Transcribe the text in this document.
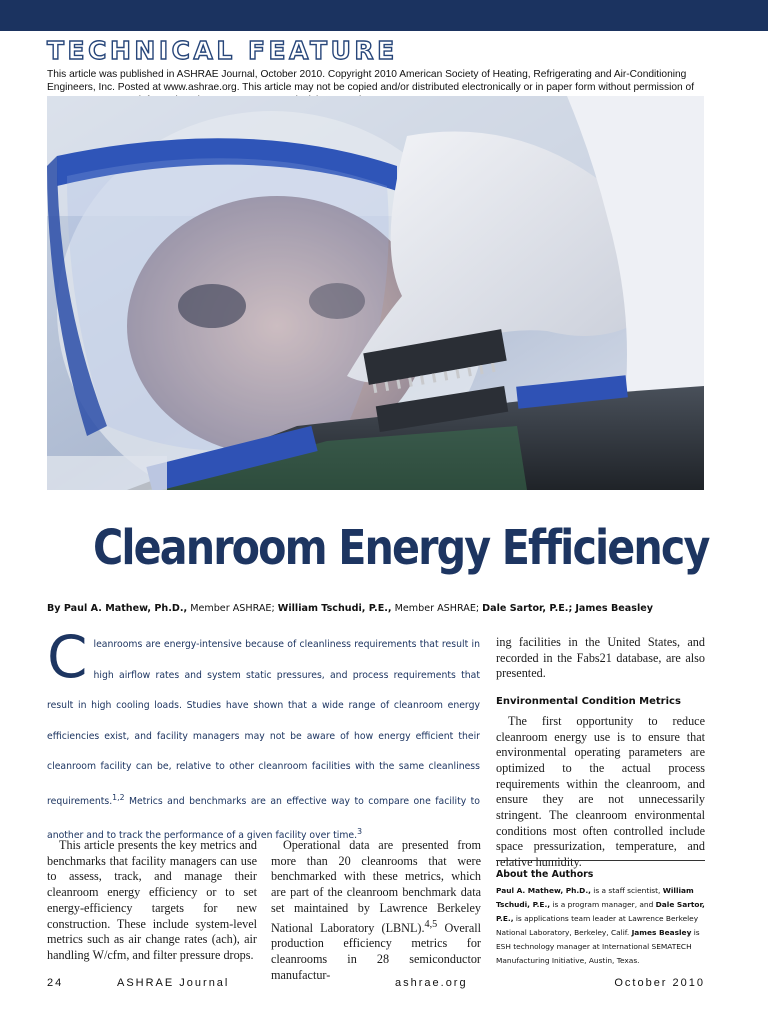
TECHNICAL FEATURE
This article was published in ASHRAE Journal, October 2010. Copyright 2010 American Society of Heating, Refrigerating and Air-Conditioning Engineers, Inc. Posted at www.ashrae.org. This article may not be copied and/or distributed electronically or in paper form without permission of
Cleanroom Energy Efficiency
By Paul A. Mathew, Ph.D., Member ASHRAE; William Tschudi, P.E., Member ASHRAE; Dale Sartor, P.E.; James Beasley
Cleanrooms are energy-intensive because of cleanliness requirements that result in high airflow rates and system static pressures, and process requirements that result in high cooling loads. Studies have shown that a wide range of cleanroom energy efficiencies exist, and facility managers may not be aware of how energy efficient their cleanroom facility can be, relative to other cleanroom facilities with the same cleanliness requirements.$^{1,2}$ Metrics and benchmarks are an effective way to compare one facility to another and to track the performance of a given facility over time.$^3$

This article presents the key metrics and benchmarks that facility managers can use to assess, track, and manage their cleanroom energy efficiency or to set energy-efficiency targets for new construction. These include system-level metrics such as air change rates (ach), air handling W/cfm, and filter pressure drops.

Operational data are presented from more than 20 cleanrooms that were benchmarked with these metrics, which are part of the cleanroom benchmark data set maintained by Lawrence Berkeley National Laboratory (LBNL).$^{4,5}$ Overall production efficiency metrics for cleanrooms in 28 semiconductor manufactur-

ing facilities in the United States, and recorded in the Fabs21 database, are also presented.

Environmental Condition Metrics

The first opportunity to reduce cleanroom energy use is to ensure that environmental operating parameters are optimized to the actual process requirements within the cleanroom, and ensure they are not unnecessarily stringent. The cleanroom environmental conditions most often controlled include space pressurization, temperature, and relative humidity.

About the Authors
Paul A. Mathew, Ph.D., is a staff scientist, William Tschudi, P.E., is a program manager, and Dale Sartor, P.E., is applications team leader at Lawrence Berkeley National Laboratory, Berkeley, Calif. James Beasley is ESH technology manager at International SEMATECH Manufacturing Initiative, Austin, Texas.
24	ASHRAE Journal	ashrae.org	October 2010
